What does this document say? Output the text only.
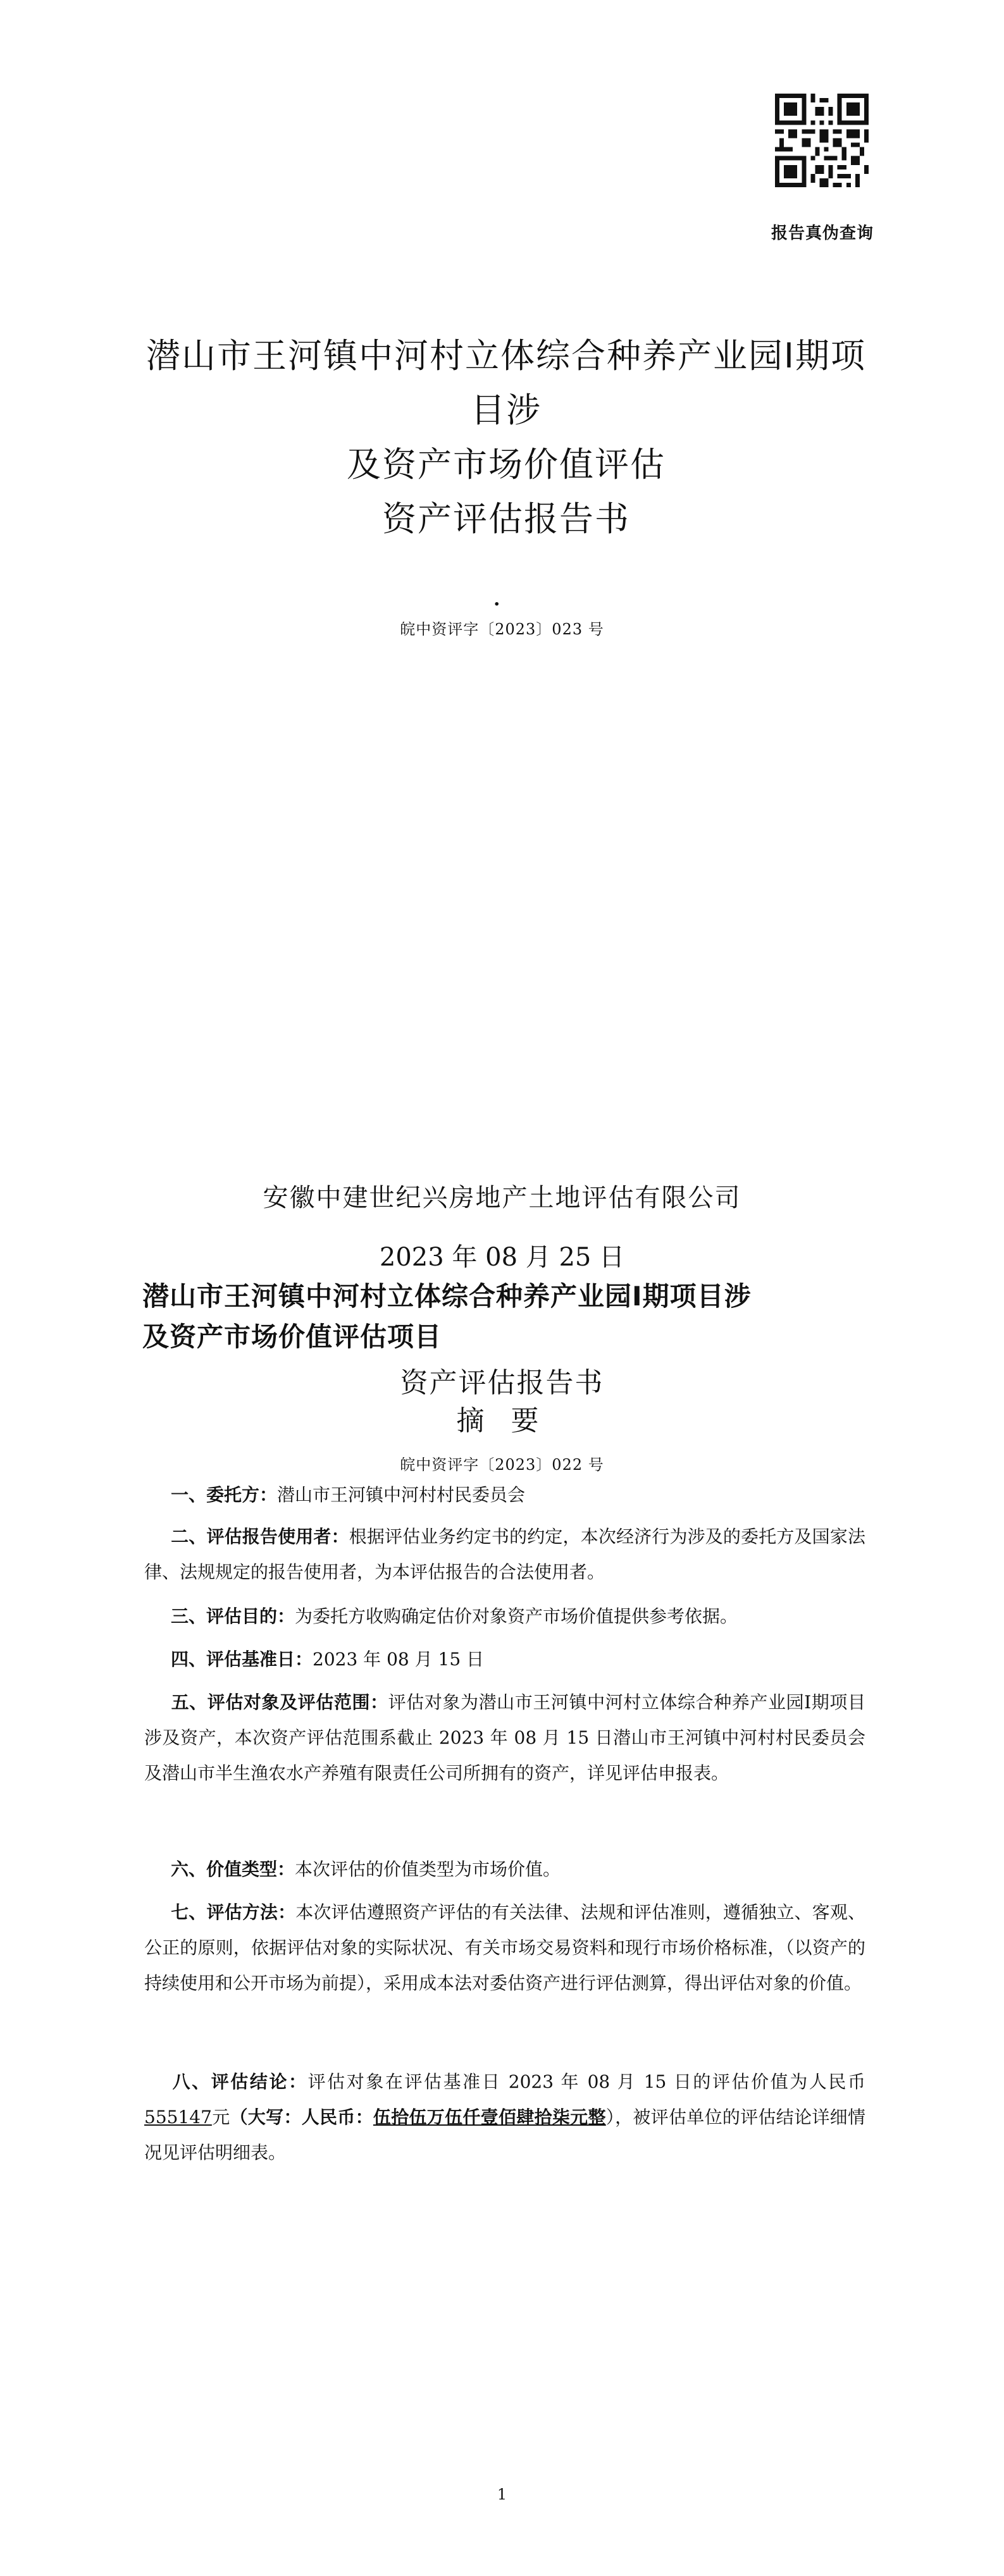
报告真伪查询
潜山市王河镇中河村立体综合种养产业园Ⅰ期项目涉
及资产市场价值评估
资产评估报告书
·
皖中资评字〔2023〕023 号
安徽中建世纪兴房地产土地评估有限公司
2023 年 08 月 25 日
潜山市王河镇中河村立体综合种养产业园Ⅰ期项目涉
及资产市场价值评估项目
资产评估报告书
摘 要
皖中资评字〔2023〕022 号
一、委托方：潜山市王河镇中河村村民委员会
二、评估报告使用者：根据评估业务约定书的约定，本次经济行为涉及的委托方及国家法律、法规规定的报告使用者，为本评估报告的合法使用者。
三、评估目的：为委托方收购确定估价对象资产市场价值提供参考依据。
四、评估基准日：2023 年 08 月 15 日
五、评估对象及评估范围：评估对象为潜山市王河镇中河村立体综合种养产业园Ⅰ期项目涉及资产，本次资产评估范围系截止 2023 年 08 月 15 日潜山市王河镇中河村村民委员会及潜山市半生渔农水产养殖有限责任公司所拥有的资产，详见评估申报表。
六、价值类型：本次评估的价值类型为市场价值。
七、评估方法：本次评估遵照资产评估的有关法律、法规和评估准则，遵循独立、客观、公正的原则，依据评估对象的实际状况、有关市场交易资料和现行市场价格标准，（以资产的持续使用和公开市场为前提），采用成本法对委估资产进行评估测算，得出评估对象的价值。
八、评估结论：评估对象在评估基准日 2023 年 08 月 15 日的评估价值为人民币 555147元（大写：人民币：伍拾伍万伍仟壹佰肆拾柒元整），被评估单位的评估结论详细情况见评估明细表。
1
